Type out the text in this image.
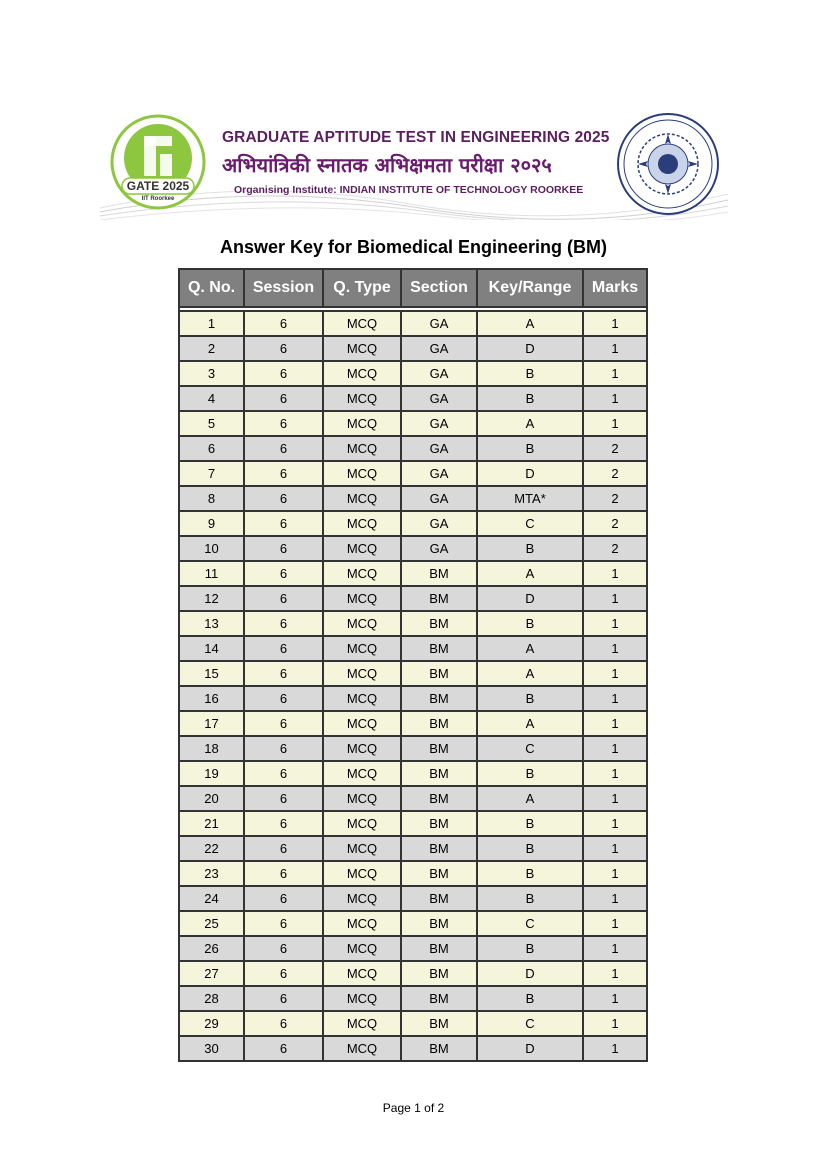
GATE 2025
IIT Roorkee
GRADUATE APTITUDE TEST IN ENGINEERING 2025
अभियांत्रिकी स्नातक अभिक्षमता परीक्षा २०२५
Organising Institute: INDIAN INSTITUTE OF TECHNOLOGY ROORKEE
Answer Key for Biomedical Engineering (BM)
Q. No.	Session	Q. Type	Section	Key/Range	Marks

1	6	MCQ	GA	A	1
2	6	MCQ	GA	D	1
3	6	MCQ	GA	B	1
4	6	MCQ	GA	B	1
5	6	MCQ	GA	A	1
6	6	MCQ	GA	B	2
7	6	MCQ	GA	D	2
8	6	MCQ	GA	MTA*	2
9	6	MCQ	GA	C	2
10	6	MCQ	GA	B	2
11	6	MCQ	BM	A	1
12	6	MCQ	BM	D	1
13	6	MCQ	BM	B	1
14	6	MCQ	BM	A	1
15	6	MCQ	BM	A	1
16	6	MCQ	BM	B	1
17	6	MCQ	BM	A	1
18	6	MCQ	BM	C	1
19	6	MCQ	BM	B	1
20	6	MCQ	BM	A	1
21	6	MCQ	BM	B	1
22	6	MCQ	BM	B	1
23	6	MCQ	BM	B	1
24	6	MCQ	BM	B	1
25	6	MCQ	BM	C	1
26	6	MCQ	BM	B	1
27	6	MCQ	BM	D	1
28	6	MCQ	BM	B	1
29	6	MCQ	BM	C	1
30	6	MCQ	BM	D	1
Page 1 of 2
